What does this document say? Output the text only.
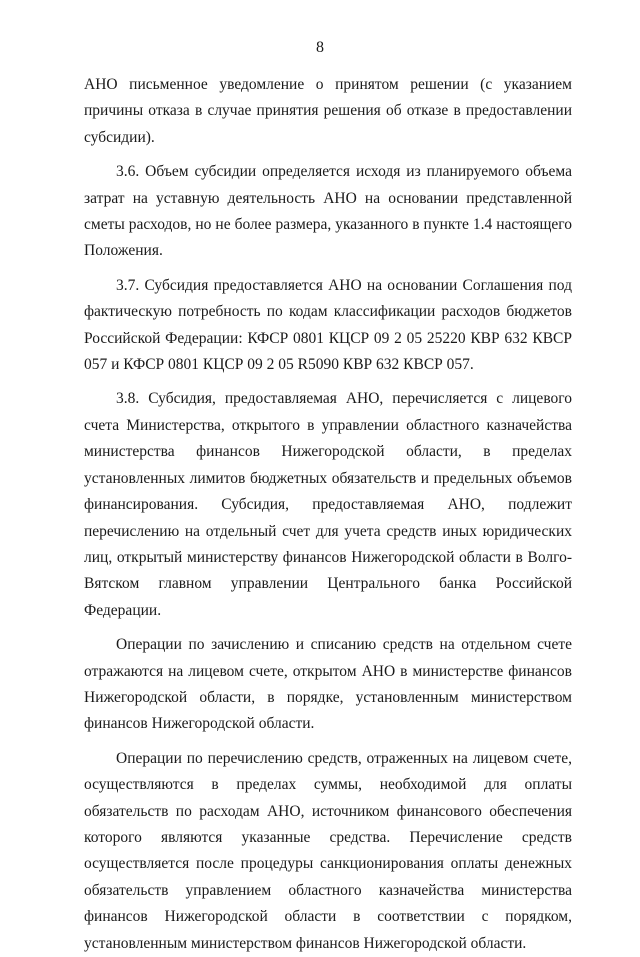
8

АНО письменное уведомление о принятом решении (с указанием причины отказа в случае принятия решения об отказе в предоставлении субсидии).

3.6. Объем субсидии определяется исходя из планируемого объема затрат на уставную деятельность АНО на основании представленной сметы расходов, но не более размера, указанного в пункте 1.4 настоящего Положения.

3.7. Субсидия предоставляется АНО на основании Соглашения под фактическую потребность по кодам классификации расходов бюджетов Российской Федерации: КФСР 0801 КЦСР 09 2 05 25220 КВР 632 КВСР 057 и КФСР 0801 КЦСР 09 2 05 R5090 КВР 632 КВСР 057.

3.8. Субсидия, предоставляемая АНО, перечисляется с лицевого счета Министерства, открытого в управлении областного казначейства министерства финансов Нижегородской области, в пределах установленных лимитов бюджетных обязательств и предельных объемов финансирования. Субсидия, предоставляемая АНО, подлежит перечислению на отдельный счет для учета средств иных юридических лиц, открытый министерству финансов Нижегородской области в Волго-Вятском главном управлении Центрального банка Российской Федерации.

Операции по зачислению и списанию средств на отдельном счете отражаются на лицевом счете, открытом АНО в министерстве финансов Нижегородской области, в порядке, установленным министерством финансов Нижегородской области.

Операции по перечислению средств, отраженных на лицевом счете, осуществляются в пределах суммы, необходимой для оплаты обязательств по расходам АНО, источником финансового обеспечения которого являются указанные средства. Перечисление средств осуществляется после процедуры санкционирования оплаты денежных обязательств управлением областного казначейства министерства финансов Нижегородской области в соответствии с порядком, установленным министерством финансов Нижегородской области.
